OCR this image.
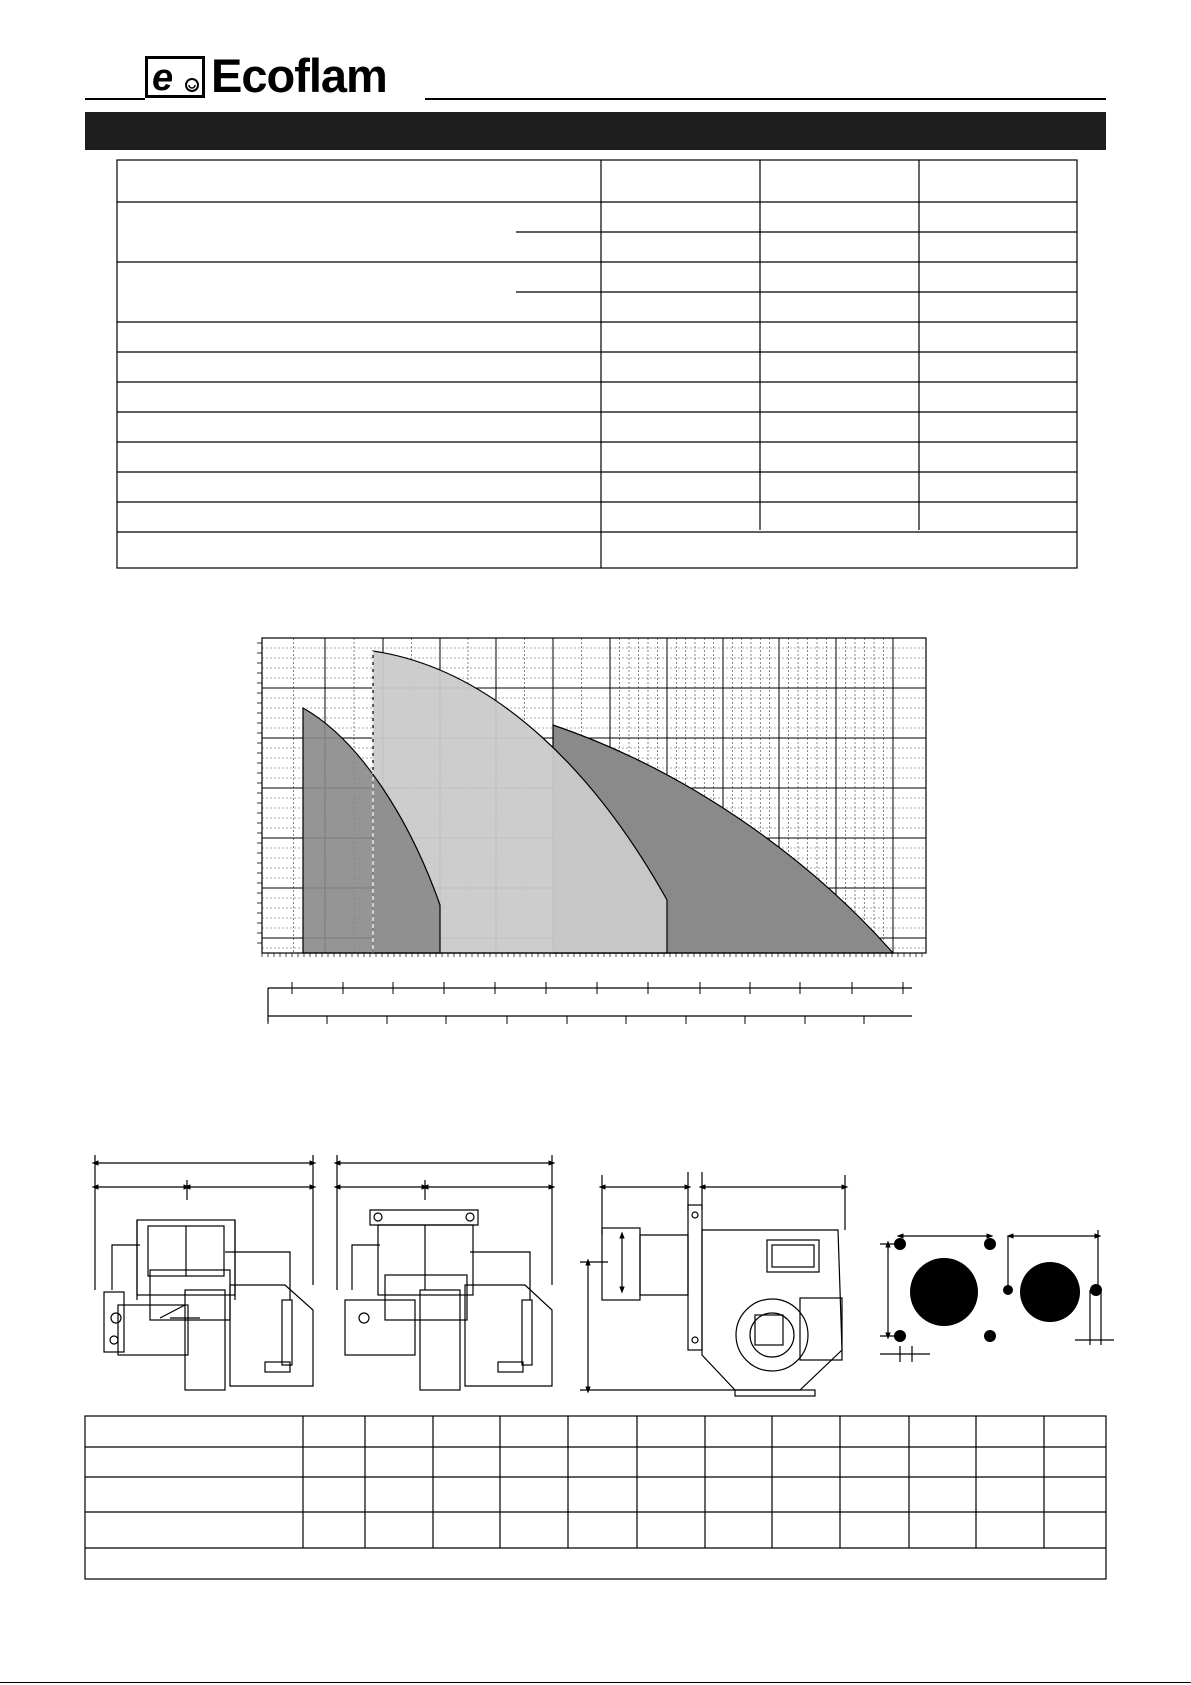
e Ecoflam
